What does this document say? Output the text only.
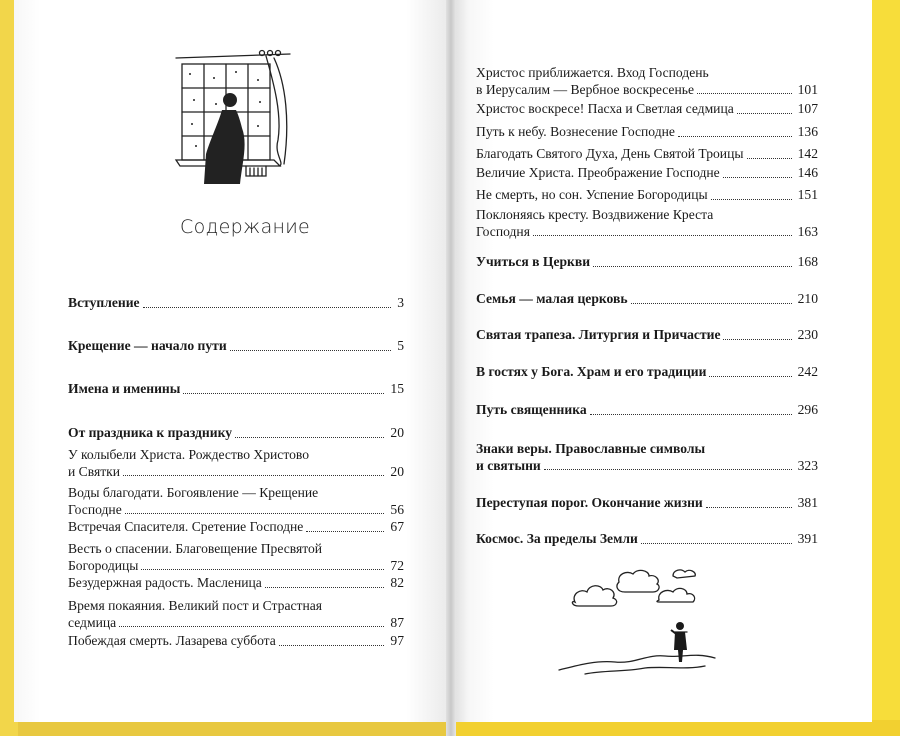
Содержание
Вступление	3
Крещение — начало пути	5
Имена и именины	15
От праздника к празднику	20
У колыбели Христа. Рождество Христово
и Святки	20
Воды благодати. Богоявление — Крещение
Господне	56
Встречая Спасителя. Сретение Господне	67
Весть о спасении. Благовещение Пресвятой
Богородицы	72
Безудержная радость. Масленица	82
Время покаяния. Великий пост и Страстная
седмица	87
Побеждая смерть. Лазарева суббота	97
Христос приближается. Вход Господень
в Иерусалим — Вербное воскресенье	101
Христос воскресе! Пасха и Светлая седмица	107
Путь к небу. Вознесение Господне	136
Благодать Святого Духа, День Святой Троицы	142
Величие Христа. Преображение Господне	146
Не смерть, но сон. Успение Богородицы	151
Поклоняясь кресту. Воздвижение Креста
Господня	163
Учиться в Церкви	168
Семья — малая церковь	210
Святая трапеза. Литургия и Причастие	230
В гостях у Бога. Храм и его традиции	242
Путь священника	296
Знаки веры. Православные символы
и святыни	323
Переступая порог. Окончание жизни	381
Космос. За пределы Земли	391
